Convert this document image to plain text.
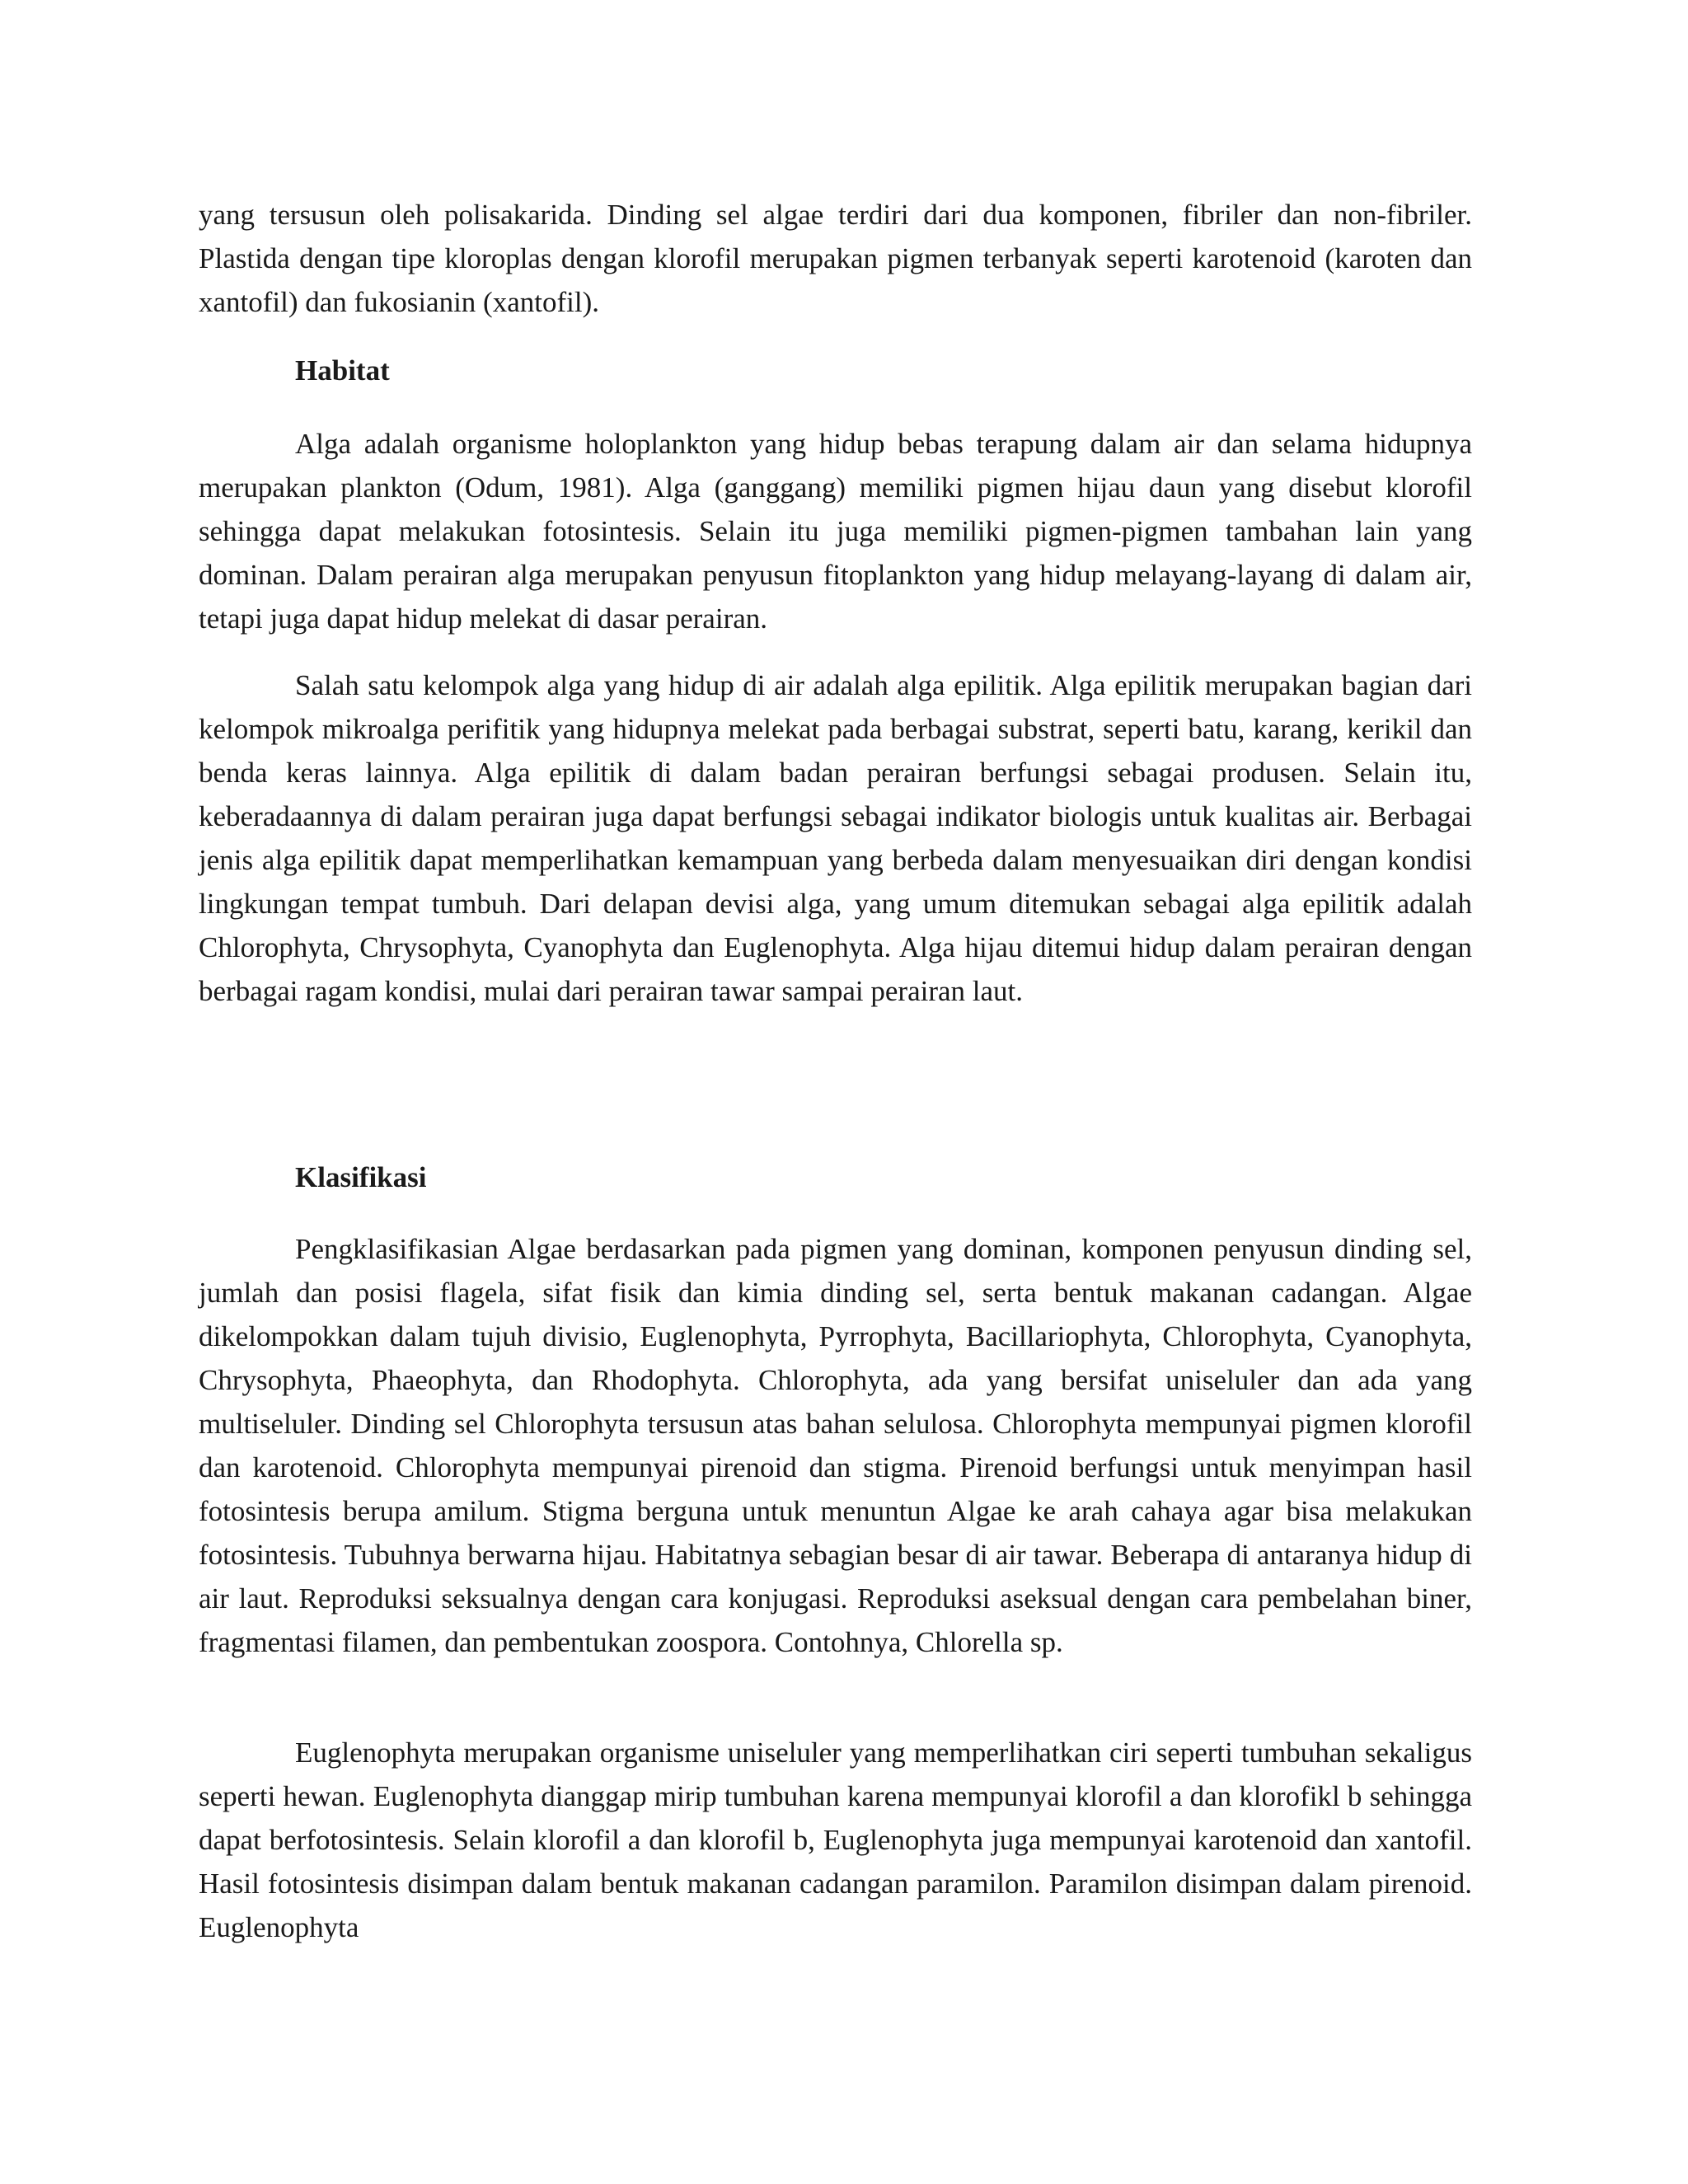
yang tersusun oleh polisakarida. Dinding sel algae terdiri dari dua komponen, fibriler dan non-fibriler. Plastida dengan tipe kloroplas dengan klorofil merupakan pigmen terbanyak seperti karotenoid (karoten dan xantofil) dan fukosianin (xantofil).

Habitat

Alga adalah organisme holoplankton yang hidup bebas terapung dalam air dan selama hidupnya merupakan plankton (Odum, 1981). Alga (ganggang) memiliki pigmen hijau daun yang disebut klorofil sehingga dapat melakukan fotosintesis. Selain itu juga memiliki pigmen-pigmen tambahan lain yang dominan. Dalam perairan alga merupakan penyusun fitoplankton yang hidup melayang-layang di dalam air, tetapi juga dapat hidup melekat di dasar perairan.

Salah satu kelompok alga yang hidup di air adalah alga epilitik. Alga epilitik merupakan bagian dari kelompok mikroalga perifitik yang hidupnya melekat pada berbagai substrat, seperti batu, karang, kerikil dan benda keras lainnya. Alga epilitik di dalam badan perairan berfungsi sebagai produsen. Selain itu, keberadaannya di dalam perairan juga dapat berfungsi sebagai indikator biologis untuk kualitas air. Berbagai jenis alga epilitik dapat memperlihatkan kemampuan yang berbeda dalam menyesuaikan diri dengan kondisi lingkungan tempat tumbuh. Dari delapan devisi alga, yang umum ditemukan sebagai alga epilitik adalah Chlorophyta, Chrysophyta, Cyanophyta dan Euglenophyta. Alga hijau ditemui hidup dalam perairan dengan berbagai ragam kondisi, mulai dari perairan tawar sampai perairan laut.

Klasifikasi

Pengklasifikasian Algae berdasarkan pada pigmen yang dominan, komponen penyusun dinding sel, jumlah dan posisi flagela, sifat fisik dan kimia dinding sel, serta bentuk makanan cadangan. Algae dikelompokkan dalam tujuh divisio, Euglenophyta, Pyrrophyta, Bacillariophyta, Chlorophyta, Cyanophyta, Chrysophyta, Phaeophyta, dan Rhodophyta. Chlorophyta, ada yang bersifat uniseluler dan ada yang multiseluler. Dinding sel Chlorophyta tersusun atas bahan selulosa. Chlorophyta mempunyai pigmen klorofil dan karotenoid. Chlorophyta mempunyai pirenoid dan stigma. Pirenoid berfungsi untuk menyimpan hasil fotosintesis berupa amilum. Stigma berguna untuk menuntun Algae ke arah cahaya agar bisa melakukan fotosintesis. Tubuhnya berwarna hijau. Habitatnya sebagian besar di air tawar. Beberapa di antaranya hidup di air laut. Reproduksi seksualnya dengan cara konjugasi. Reproduksi aseksual dengan cara pembelahan biner, fragmentasi filamen, dan pembentukan zoospora. Contohnya, Chlorella sp.

Euglenophyta merupakan organisme uniseluler yang memperlihatkan ciri seperti tumbuhan sekaligus seperti hewan. Euglenophyta dianggap mirip tumbuhan karena mempunyai klorofil a dan klorofikl b sehingga dapat berfotosintesis. Selain klorofil a dan klorofil b, Euglenophyta juga mempunyai karotenoid dan xantofil. Hasil fotosintesis disimpan dalam bentuk makanan cadangan paramilon. Paramilon disimpan dalam pirenoid. Euglenophyta
